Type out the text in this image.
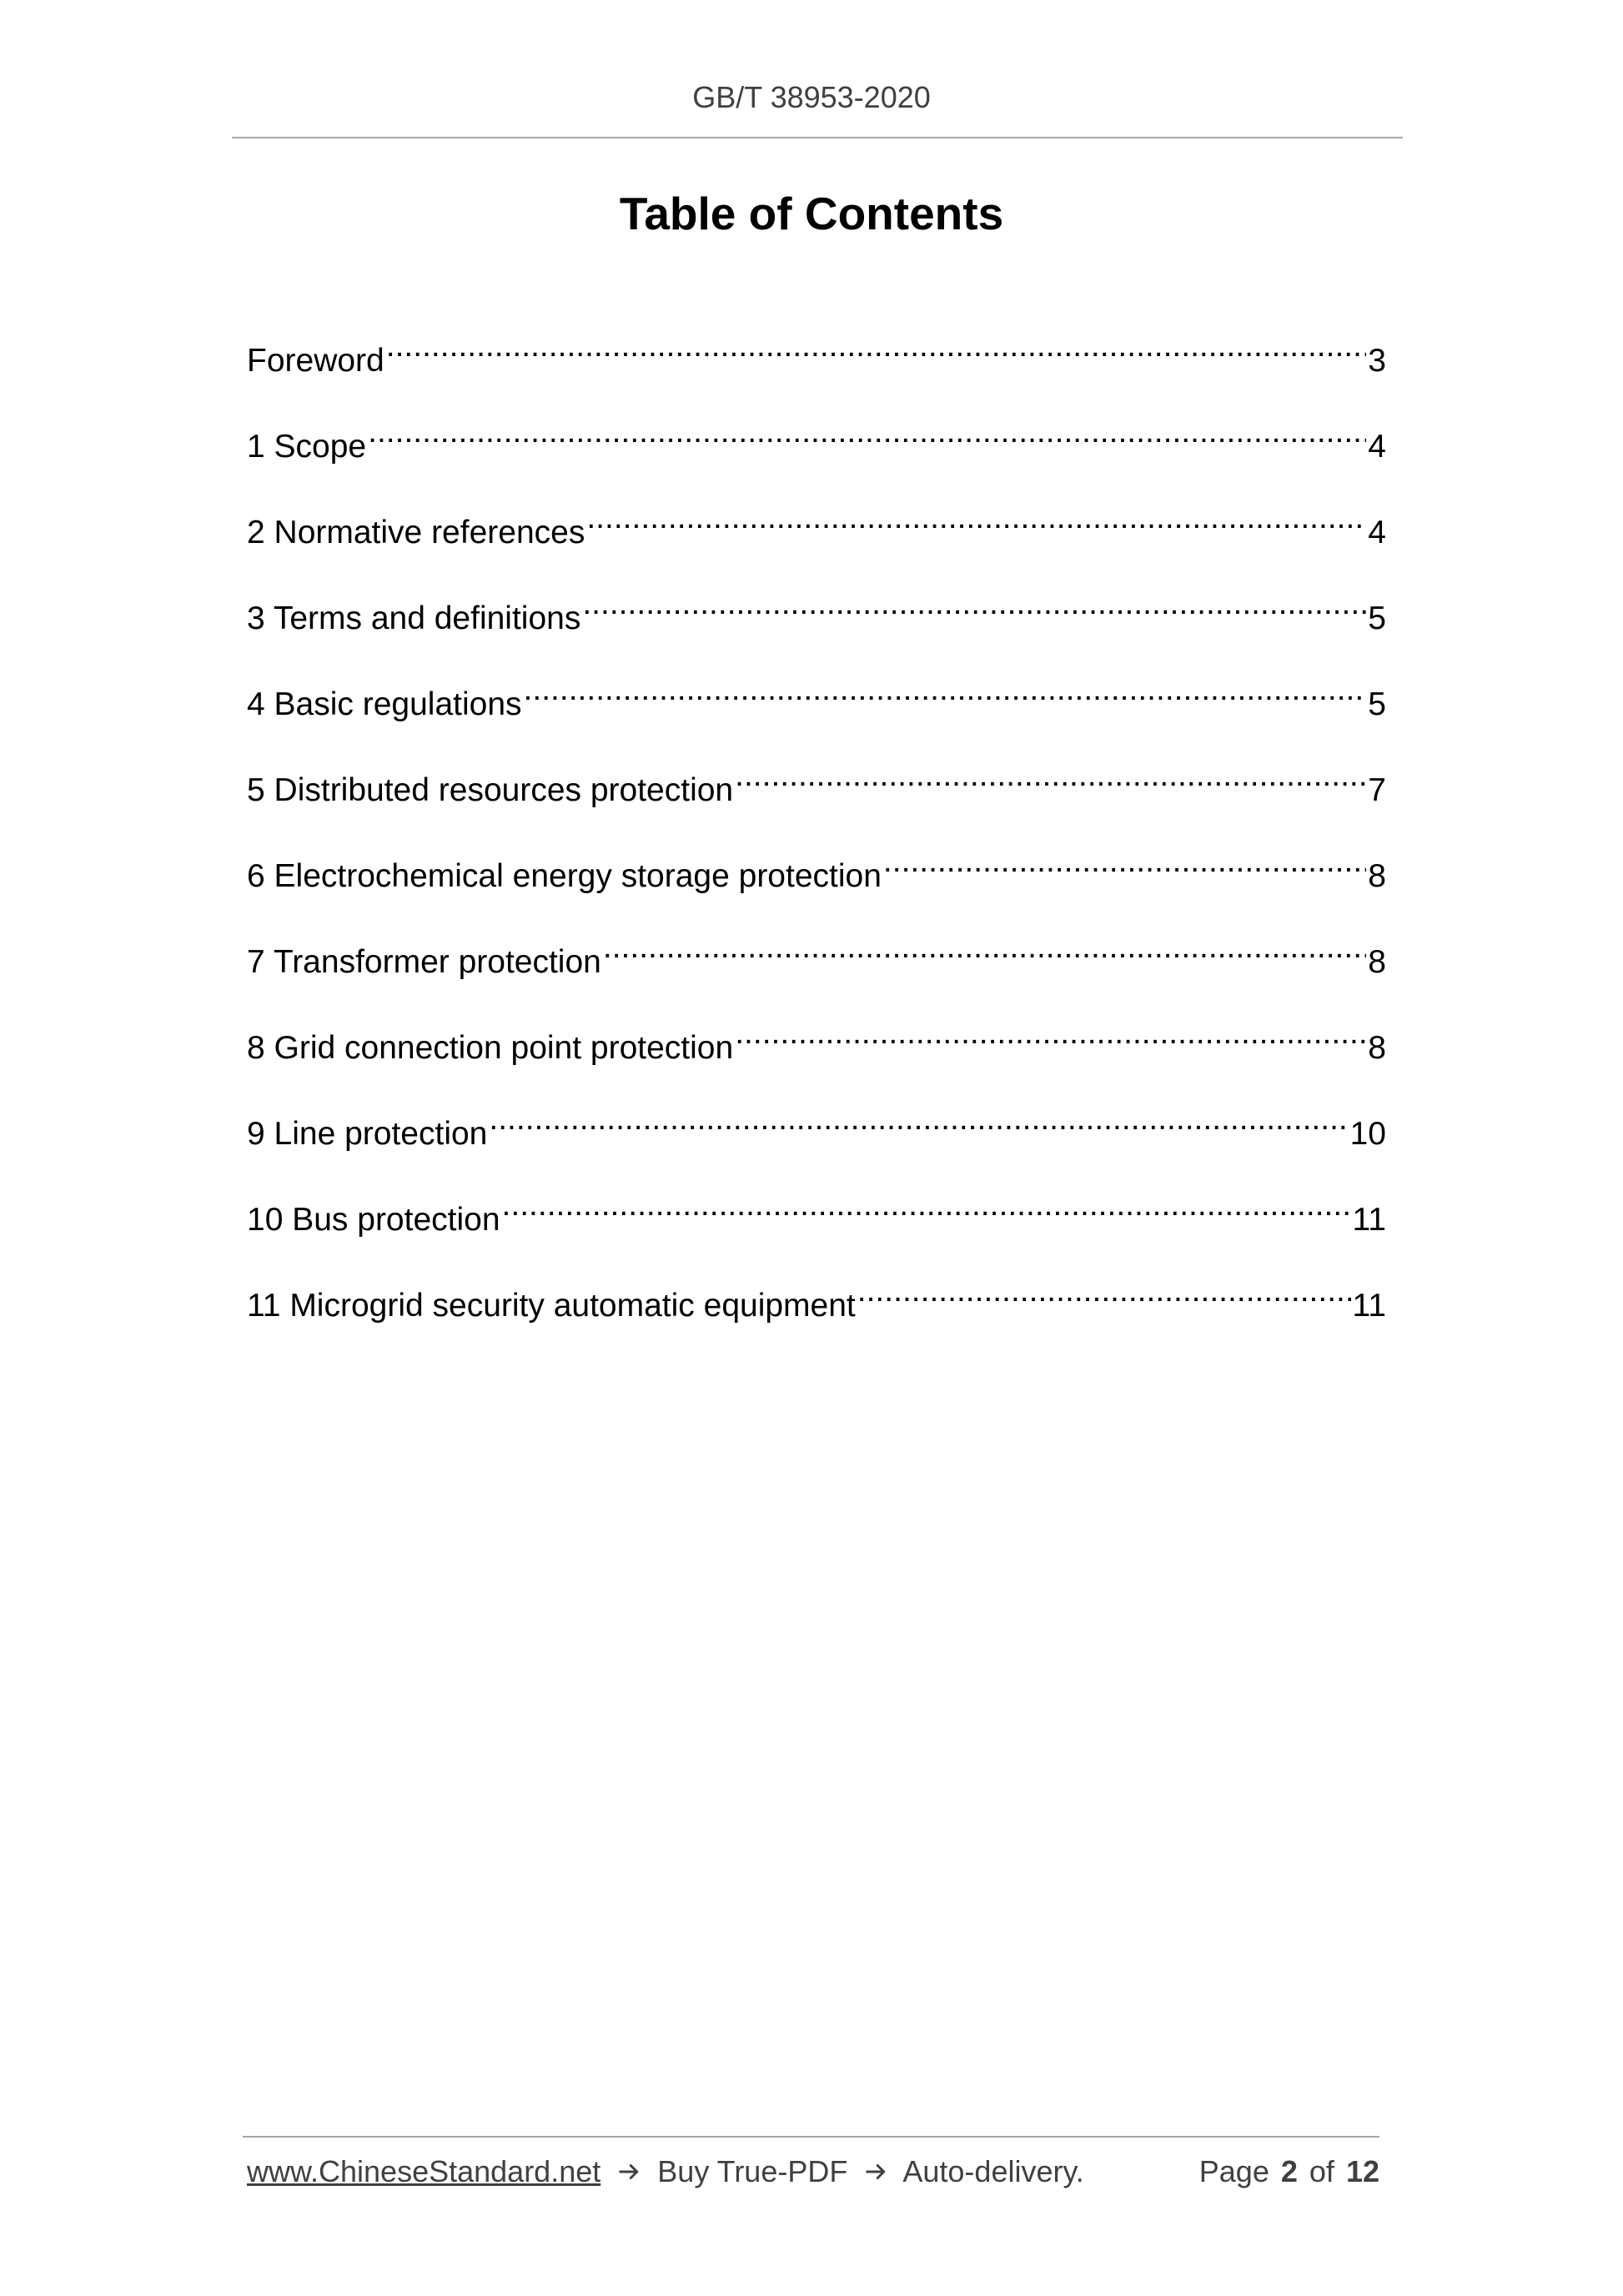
GB/T 38953-2020
Table of Contents
Foreword .....	3
1 Scope .....	4
2 Normative references .....	4
3 Terms and definitions .....	5
4 Basic regulations .....	5
5 Distributed resources protection .....	7
6 Electrochemical energy storage protection .....	8
7 Transformer protection .....	8
8 Grid connection point protection .....	8
9 Line protection .....	10
10 Bus protection .....	11
11 Microgrid security automatic equipment .....	11
www.ChineseStandard.net Buy True-PDF Auto-delivery.	Page 2 of 12
